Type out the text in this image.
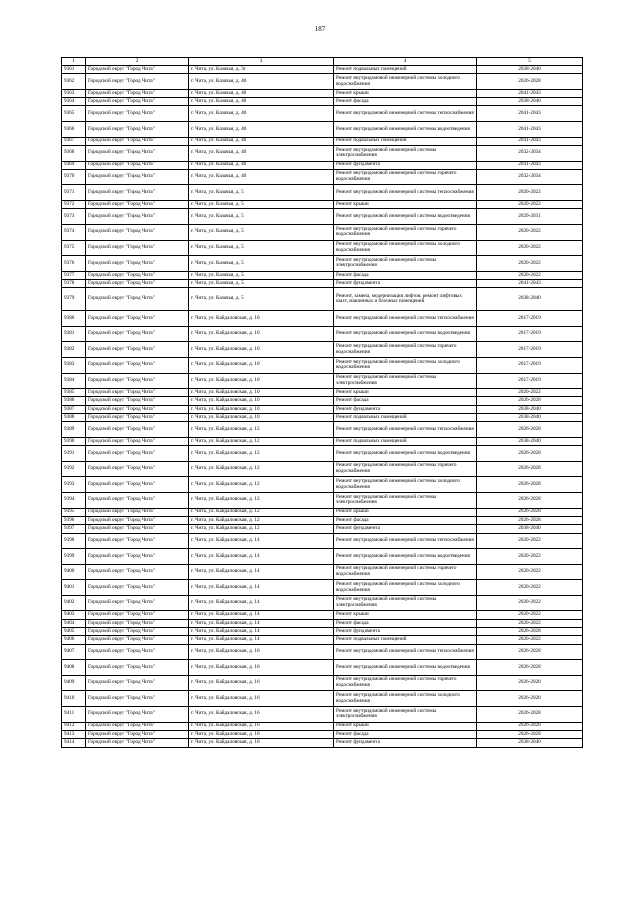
187
1	2	3	4	5
9361	Городской округ "Город Чита"	г. Чита, ул. Казачья, д. 3г	Ремонт подвальных помещений	2038-2040
9362	Городской округ "Город Чита"	г. Чита, ул. Казачья, д. 40	Ремонт внутридомовой инженерной системы холодного водоснабжения	2026-2028
9363	Городской округ "Город Чита"	г. Чита, ул. Казачья, д. 40	Ремонт крыши	2041-2043
9364	Городской округ "Город Чита"	г. Чита, ул. Казачья, д. 40	Ремонт фасада	2038-2040
9365	Городской округ "Город Чита"	г. Чита, ул. Казачья, д. 40	Ремонт внутридомовой инженерной системы теплоснабжения	2041-2043
9366	Городской округ "Город Чита"	г. Чита, ул. Казачья, д. 40	Ремонт внутридомовой инженерной системы водоотведения	2041-2043
9367	Городской округ "Город Чита"	г. Чита, ул. Казачья, д. 40	Ремонт подвальных помещений	2041-2043
9368	Городской округ "Город Чита"	г. Чита, ул. Казачья, д. 40	Ремонт внутридомовой инженерной системы электроснабжения	2032-2034
9369	Городской округ "Город Чита"	г. Чита, ул. Казачья, д. 40	Ремонт фундамента	2041-2043
9370	Городской округ "Город Чита"	г. Чита, ул. Казачья, д. 40	Ремонт внутридомовой инженерной системы горячего водоснабжения	2032-2034
9371	Городской округ "Город Чита"	г. Чита, ул. Казачья, д. 5	Ремонт внутридомовой инженерной системы теплоснабжения	2020-2022
9372	Городской округ "Город Чита"	г. Чита, ул. Казачья, д. 5	Ремонт крыши	2020-2022
9373	Городской округ "Город Чита"	г. Чита, ул. Казачья, д. 5	Ремонт внутридомовой инженерной системы водоотведения	2029-2031
9374	Городской округ "Город Чита"	г. Чита, ул. Казачья, д. 5	Ремонт внутридомовой инженерной системы горячего водоснабжения	2020-2022
9375	Городской округ "Город Чита"	г. Чита, ул. Казачья, д. 5	Ремонт внутридомовой инженерной системы холодного водоснабжения	2020-2022
9376	Городской округ "Город Чита"	г. Чита, ул. Казачья, д. 5	Ремонт внутридомовой инженерной системы электроснабжения	2020-2022
9377	Городской округ "Город Чита"	г. Чита, ул. Казачья, д. 5	Ремонт фасада	2020-2022
9378	Городской округ "Город Чита"	г. Чита, ул. Казачья, д. 5	Ремонт фундамента	2041-2043
9379	Городской округ "Город Чита"	г. Чита, ул. Казачья, д. 5	Ремонт, замена, модернизация лифтов, ремонт лифтовых шахт, машинных и блочных помещений	2038-2040
9380	Городской округ "Город Чита"	г. Чита, ул. Кайдаловская, д. 10	Ремонт внутридомовой инженерной системы теплоснабжения	2017-2019
9381	Городской округ "Город Чита"	г. Чита, ул. Кайдаловская, д. 10	Ремонт внутридомовой инженерной системы водоотведения	2017-2019
9382	Городской округ "Город Чита"	г. Чита, ул. Кайдаловская, д. 10	Ремонт внутридомовой инженерной системы горячего водоснабжения	2017-2019
9383	Городской округ "Город Чита"	г. Чита, ул. Кайдаловская, д. 10	Ремонт внутридомовой инженерной системы холодного водоснабжения	2017-2019
9384	Городской округ "Город Чита"	г. Чита, ул. Кайдаловская, д. 10	Ремонт внутридомовой инженерной системы электроснабжения	2017-2019
9385	Городской округ "Город Чита"	г. Чита, ул. Кайдаловская, д. 10	Ремонт крыши	2020-2022
9386	Городской округ "Город Чита"	г. Чита, ул. Кайдаловская, д. 10	Ремонт фасада	2026-2028
9387	Городской округ "Город Чита"	г. Чита, ул. Кайдаловская, д. 10	Ремонт фундамента	2038-2040
9388	Городской округ "Город Чита"	г. Чита, ул. Кайдаловская, д. 10	Ремонт подвальных помещений	2038-2040
9389	Городской округ "Город Чита"	г. Чита, ул. Кайдаловская, д. 12	Ремонт внутридомовой инженерной системы теплоснабжения	2026-2028
9390	Городской округ "Город Чита"	г. Чита, ул. Кайдаловская, д. 12	Ремонт подвальных помещений	2038-2040
9391	Городской округ "Город Чита"	г. Чита, ул. Кайдаловская, д. 12	Ремонт внутридомовой инженерной системы водоотведения	2026-2028
9392	Городской округ "Город Чита"	г. Чита, ул. Кайдаловская, д. 12	Ремонт внутридомовой инженерной системы горячего водоснабжения	2026-2028
9393	Городской округ "Город Чита"	г. Чита, ул. Кайдаловская, д. 12	Ремонт внутридомовой инженерной системы холодного водоснабжения	2026-2028
9394	Городской округ "Город Чита"	г. Чита, ул. Кайдаловская, д. 12	Ремонт внутридомовой инженерной системы электроснабжения	2026-2028
9395	Городской округ "Город Чита"	г. Чита, ул. Кайдаловская, д. 12	Ремонт крыши	2026-2028
9396	Городской округ "Город Чита"	г. Чита, ул. Кайдаловская, д. 12	Ремонт фасада	2026-2028
9397	Городской округ "Город Чита"	г. Чита, ул. Кайдаловская, д. 12	Ремонт фундамента	2038-2040
9398	Городской округ "Город Чита"	г. Чита, ул. Кайдаловская, д. 14	Ремонт внутридомовой инженерной системы теплоснабжения	2020-2022
9399	Городской округ "Город Чита"	г. Чита, ул. Кайдаловская, д. 14	Ремонт внутридомовой инженерной системы водоотведения	2020-2022
9400	Городской округ "Город Чита"	г. Чита, ул. Кайдаловская, д. 14	Ремонт внутридомовой инженерной системы горячего водоснабжения	2020-2022
9401	Городской округ "Город Чита"	г. Чита, ул. Кайдаловская, д. 14	Ремонт внутридомовой инженерной системы холодного водоснабжения	2020-2022
9402	Городской округ "Город Чита"	г. Чита, ул. Кайдаловская, д. 14	Ремонт внутридомовой инженерной системы электроснабжения	2020-2022
9403	Городской округ "Город Чита"	г. Чита, ул. Кайдаловская, д. 14	Ремонт крыши	2020-2022
9404	Городской округ "Город Чита"	г. Чита, ул. Кайдаловская, д. 14	Ремонт фасада	2020-2022
9405	Городской округ "Город Чита"	г. Чита, ул. Кайдаловская, д. 14	Ремонт фундамента	2026-2028
9406	Городской округ "Город Чита"	г. Чита, ул. Кайдаловская, д. 14	Ремонт подвальных помещений	2020-2022
9407	Городской округ "Город Чита"	г. Чита, ул. Кайдаловская, д. 16	Ремонт внутридомовой инженерной системы теплоснабжения	2026-2028
9408	Городской округ "Город Чита"	г. Чита, ул. Кайдаловская, д. 16	Ремонт внутридомовой инженерной системы водоотведения	2026-2028
9409	Городской округ "Город Чита"	г. Чита, ул. Кайдаловская, д. 16	Ремонт внутридомовой инженерной системы горячего водоснабжения	2026-2028
9410	Городской округ "Город Чита"	г. Чита, ул. Кайдаловская, д. 16	Ремонт внутридомовой инженерной системы холодного водоснабжения	2026-2028
9411	Городской округ "Город Чита"	г. Чита, ул. Кайдаловская, д. 16	Ремонт внутридомовой инженерной системы электроснабжения	2026-2028
9412	Городской округ "Город Чита"	г. Чита, ул. Кайдаловская, д. 16	Ремонт крыши	2026-2028
9413	Городской округ "Город Чита"	г. Чита, ул. Кайдаловская, д. 16	Ремонт фасада	2026-2028
9414	Городской округ "Город Чита"	г. Чита, ул. Кайдаловская, д. 16	Ремонт фундамента	2038-2040
